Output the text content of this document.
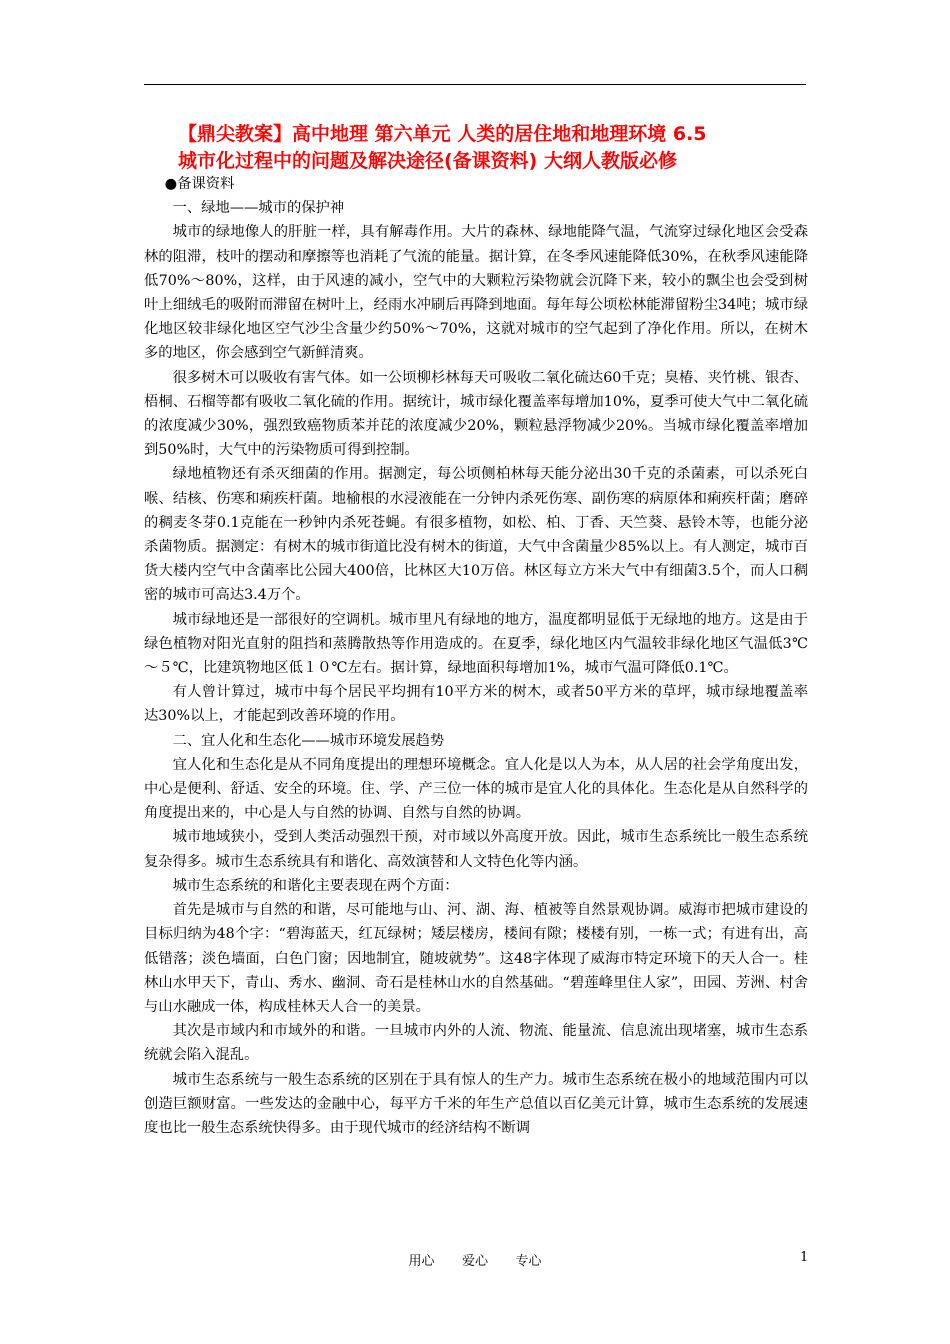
【鼎尖教案】高中地理 第六单元 人类的居住地和地理环境 6.5
城市化过程中的问题及解决途径(备课资料) 大纲人教版必修

●备课资料

一、绿地——城市的保护神

城市的绿地像人的肝脏一样，具有解毒作用。大片的森林、绿地能降气温，气流穿过绿化地区会受森林的阻滞，枝叶的摆动和摩擦等也消耗了气流的能量。据计算，在冬季风速能降低30%，在秋季风速能降低70%～80%，这样，由于风速的减小，空气中的大颗粒污染物就会沉降下来，较小的飘尘也会受到树叶上细绒毛的吸附而滞留在树叶上，经雨水冲刷后再降到地面。每年每公顷松林能滞留粉尘34吨；城市绿化地区较非绿化地区空气沙尘含量少约50%～70%，这就对城市的空气起到了净化作用。所以，在树木多的地区，你会感到空气新鲜清爽。

很多树木可以吸收有害气体。如一公顷柳杉林每天可吸收二氧化硫达60千克；臭椿、夹竹桃、银杏、梧桐、石榴等都有吸收二氧化硫的作用。据统计，城市绿化覆盖率每增加10%，夏季可使大气中二氧化硫的浓度减少30%，强烈致癌物质苯并芘的浓度减少20%，颗粒悬浮物减少20%。当城市绿化覆盖率增加到50%时，大气中的污染物质可得到控制。

绿地植物还有杀灭细菌的作用。据测定，每公顷侧柏林每天能分泌出30千克的杀菌素，可以杀死白喉、结核、伤寒和痢疾杆菌。地榆根的水浸液能在一分钟内杀死伤寒、副伤寒的病原体和痢疾杆菌；磨碎的稠麦冬芽0.1克能在一秒钟内杀死苍蝇。有很多植物，如松、柏、丁香、天竺葵、悬铃木等，也能分泌杀菌物质。据测定：有树木的城市街道比没有树木的街道，大气中含菌量少85%以上。有人测定，城市百货大楼内空气中含菌率比公园大400倍，比林区大10万倍。林区每立方米大气中有细菌3.5个，而人口稠密的城市可高达3.4万个。

城市绿地还是一部很好的空调机。城市里凡有绿地的地方，温度都明显低于无绿地的地方。这是由于绿色植物对阳光直射的阻挡和蒸腾散热等作用造成的。在夏季，绿化地区内气温较非绿化地区气温低3℃～５℃，比建筑物地区低１０℃左右。据计算，绿地面积每增加1%，城市气温可降低0.1℃。

有人曾计算过，城市中每个居民平均拥有10平方米的树木，或者50平方米的草坪，城市绿地覆盖率达30%以上，才能起到改善环境的作用。

二、宜人化和生态化——城市环境发展趋势

宜人化和生态化是从不同角度提出的理想环境概念。宜人化是以人为本，从人居的社会学角度出发，中心是便利、舒适、安全的环境。住、学、产三位一体的城市是宜人化的具体化。生态化是从自然科学的角度提出来的，中心是人与自然的协调、自然与自然的协调。

城市地域狭小，受到人类活动强烈干预，对市域以外高度开放。因此，城市生态系统比一般生态系统复杂得多。城市生态系统具有和谐化、高效演替和人文特色化等内涵。

城市生态系统的和谐化主要表现在两个方面：

首先是城市与自然的和谐，尽可能地与山、河、湖、海、植被等自然景观协调。威海市把城市建设的目标归纳为48个字：“碧海蓝天，红瓦绿树；矮层楼房，楼间有隙；楼楼有别，一栋一式；有进有出，高低错落；淡色墙面，白色门窗；因地制宜，随坡就势”。这48字体现了威海市特定环境下的天人合一。桂林山水甲天下，青山、秀水、幽洞、奇石是桂林山水的自然基础。“碧莲峰里住人家”，田园、芳洲、村舍与山水融成一体，构成桂林天人合一的美景。

其次是市域内和市域外的和谐。一旦城市内外的人流、物流、能量流、信息流出现堵塞，城市生态系统就会陷入混乱。

城市生态系统与一般生态系统的区别在于具有惊人的生产力。城市生态系统在极小的地域范围内可以创造巨额财富。一些发达的金融中心，每平方千米的年生产总值以百亿美元计算，城市生态系统的发展速度也比一般生态系统快得多。由于现代城市的经济结构不断调

用心 爱心 专心	1
